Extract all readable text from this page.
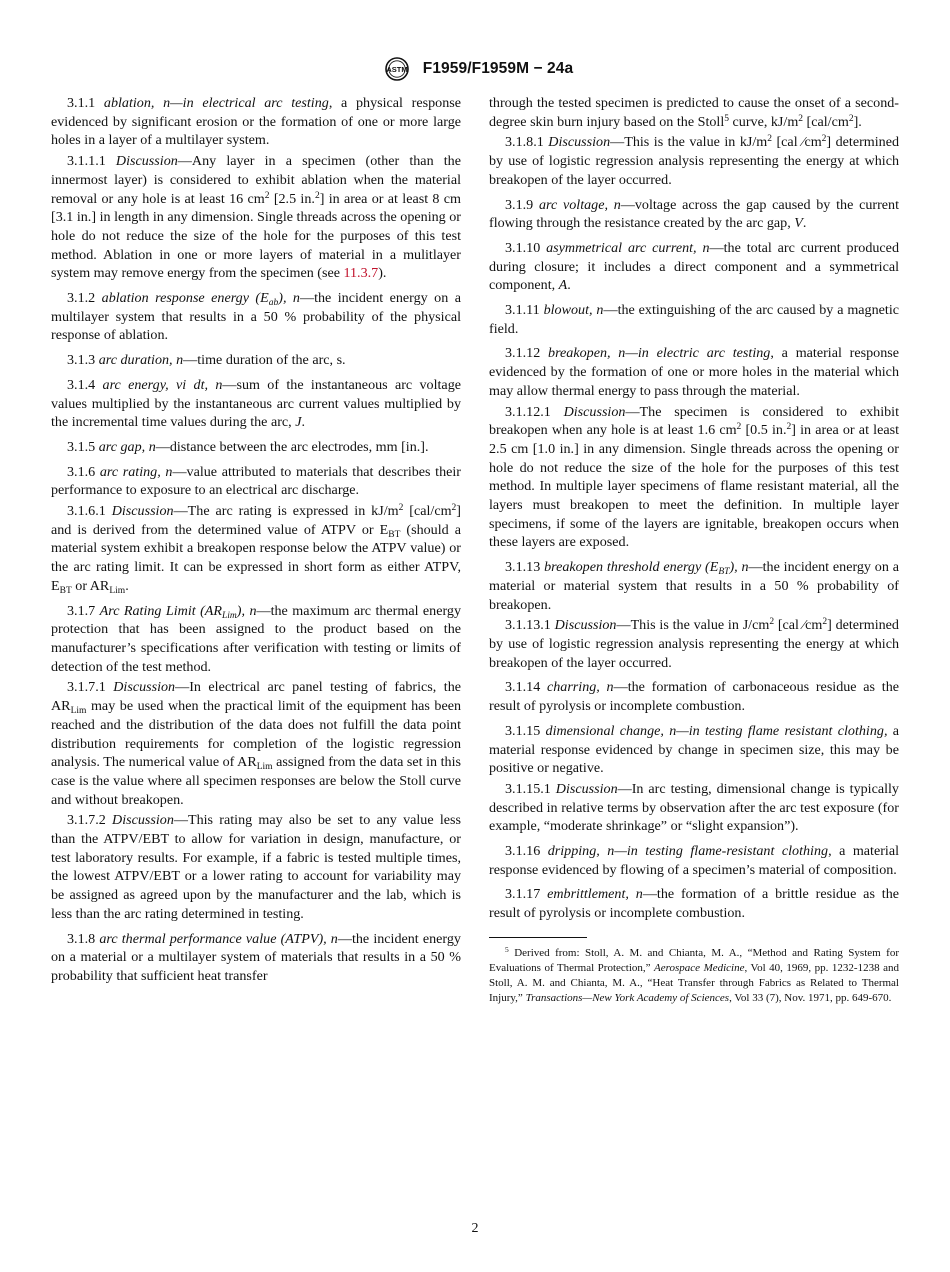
ASTM F1959/F1959M − 24a

3.1.1 ablation, n—in electrical arc testing, a physical response evidenced by significant erosion or the formation of one or more large holes in a layer of a multilayer system.

3.1.1.1 Discussion—Any layer in a specimen (other than the innermost layer) is considered to exhibit ablation when the material removal or any hole is at least 16 $cm^2$ [2.5 in.$^2$] in area or at least 8 cm [3.1 in.] in length in any dimension. Single threads across the opening or hole do not reduce the size of the hole for the purposes of this test method. Ablation in one or more layers of material in a mulitlayer system may remove energy from the specimen (see 11.3.7).

3.1.2 ablation response energy $(E_{ab})$, n—the incident energy on a multilayer system that results in a 50 % probability of the physical response of ablation.

3.1.3 arc duration, n—time duration of the arc, s.

3.1.4 arc energy, vi dt, n—sum of the instantaneous arc voltage values multiplied by the instantaneous arc current values multiplied by the incremental time values during the arc, J.

3.1.5 arc gap, n—distance between the arc electrodes, mm [in.].

3.1.6 arc rating, n—value attributed to materials that describes their performance to exposure to an electrical arc discharge.

3.1.6.1 Discussion—The arc rating is expressed in $kJ/m^2$ $[cal/cm^2]$ and is derived from the determined value of ATPV or $E_{BT}$ (should a material system exhibit a breakopen response below the ATPV value) or the arc rating limit. It can be expressed in short form as either ATPV, $E_{BT}$ or $AR_{Lim}$.

3.1.7 Arc Rating Limit $(AR_{Lim})$, n—the maximum arc thermal energy protection that has been assigned to the product based on the manufacturer’s specifications after verification with testing or limits of detection of the test method.

3.1.7.1 Discussion—In electrical arc panel testing of fabrics, the $AR_{Lim}$ may be used when the practical limit of the equipment has been reached and the distribution of the data does not fulfill the data point distribution requirements for completion of the logistic regression analysis. The numerical value of $AR_{Lim}$ assigned from the data set in this case is the value where all specimen responses are below the Stoll curve and without breakopen.

3.1.7.2 Discussion—This rating may also be set to any value less than the ATPV/EBT to allow for variation in design, manufacture, or test laboratory results. For example, if a fabric is tested multiple times, the lowest ATPV/EBT or a lower rating to account for variability may be assigned as agreed upon by the manufacturer and the lab, which is less than the arc rating determined in testing.

3.1.8 arc thermal performance value (ATPV), n—the incident energy on a material or a multilayer system of materials that results in a 50 % probability that sufficient heat transfer

through the tested specimen is predicted to cause the onset of a second-degree skin burn injury based on the Stoll$^5$ curve, $kJ/m^2$ $[cal/cm^2]$.

3.1.8.1 Discussion—This is the value in $kJ/m^2$ [cal $⁄cm^2$] determined by use of logistic regression analysis representing the energy at which breakopen of the layer occurred.

3.1.9 arc voltage, n—voltage across the gap caused by the current flowing through the resistance created by the arc gap, V.

3.1.10 asymmetrical arc current, n—the total arc current produced during closure; it includes a direct component and a symmetrical component, A.

3.1.11 blowout, n—the extinguishing of the arc caused by a magnetic field.

3.1.12 breakopen, n—in electric arc testing, a material response evidenced by the formation of one or more holes in the material which may allow thermal energy to pass through the material.

3.1.12.1 Discussion—The specimen is considered to exhibit breakopen when any hole is at least 1.6 $cm^2$ [0.5 in.$^2$] in area or at least 2.5 cm [1.0 in.] in any dimension. Single threads across the opening or hole do not reduce the size of the hole for the purposes of this test method. In multiple layer specimens of flame resistant material, all the layers must breakopen to meet the definition. In multiple layer specimens, if some of the layers are ignitable, breakopen occurs when these layers are exposed.

3.1.13 breakopen threshold energy $(E_{BT})$, n—the incident energy on a material or material system that results in a 50 % probability of breakopen.

3.1.13.1 Discussion—This is the value in $J/cm^2$ [cal $⁄cm^2$] determined by use of logistic regression analysis representing the energy at which breakopen of the layer occurred.

3.1.14 charring, n—the formation of carbonaceous residue as the result of pyrolysis or incomplete combustion.

3.1.15 dimensional change, n—in testing flame resistant clothing, a material response evidenced by change in specimen size, this may be positive or negative.

3.1.15.1 Discussion—In arc testing, dimensional change is typically described in relative terms by observation after the arc test exposure (for example, “moderate shrinkage” or “slight expansion”).

3.1.16 dripping, n—in testing flame-resistant clothing, a material response evidenced by flowing of a specimen’s material of composition.

3.1.17 embrittlement, n—the formation of a brittle residue as the result of pyrolysis or incomplete combustion.

$^5$ Derived from: Stoll, A. M. and Chianta, M. A., “Method and Rating System for Evaluations of Thermal Protection,” Aerospace Medicine, Vol 40, 1969, pp. 1232-1238 and Stoll, A. M. and Chianta, M. A., “Heat Transfer through Fabrics as Related to Thermal Injury,” Transactions—New York Academy of Sciences, Vol 33 (7), Nov. 1971, pp. 649-670.

2
